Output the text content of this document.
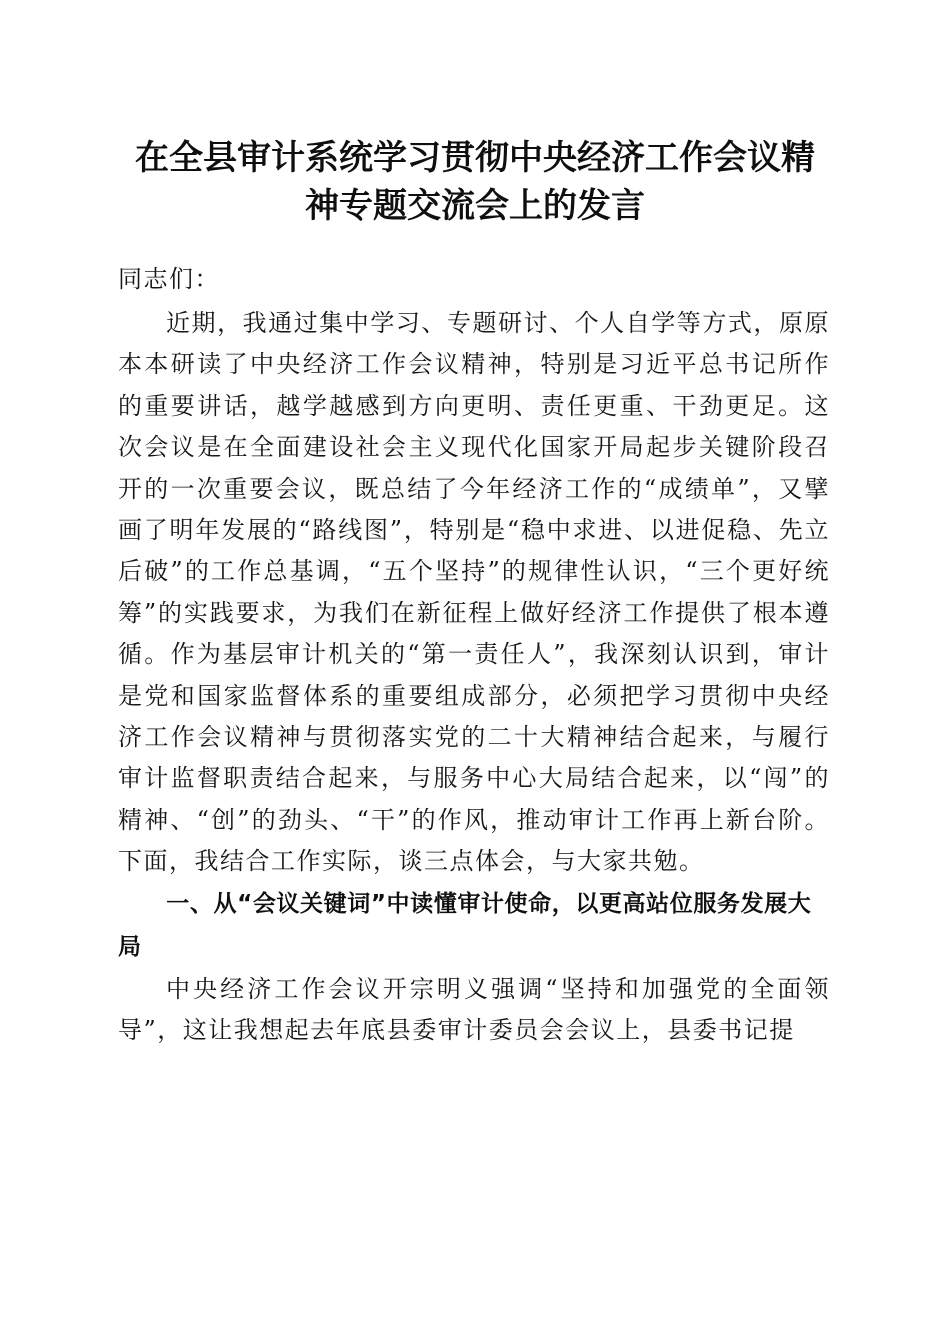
在全县审计系统学习贯彻中央经济工作会议精
神专题交流会上的发言

同志们：

近期，我通过集中学习、专题研讨、个人自学等方式，原原本本研读了中央经济工作会议精神，特别是习近平总书记所作的重要讲话，越学越感到方向更明、责任更重、干劲更足。这次会议是在全面建设社会主义现代化国家开局起步关键阶段召开的一次重要会议，既总结了今年经济工作的“成绩单”，又擘画了明年发展的“路线图”，特别是“稳中求进、以进促稳、先立后破”的工作总基调，“五个坚持”的规律性认识，“三个更好统筹”的实践要求，为我们在新征程上做好经济工作提供了根本遵循。作为基层审计机关的“第一责任人”，我深刻认识到，审计是党和国家监督体系的重要组成部分，必须把学习贯彻中央经济工作会议精神与贯彻落实党的二十大精神结合起来，与履行审计监督职责结合起来，与服务中心大局结合起来，以“闯”的精神、“创”的劲头、“干”的作风，推动审计工作再上新台阶。下面，我结合工作实际，谈三点体会，与大家共勉。

一、从“会议关键词”中读懂审计使命，以更高站位服务发展大局

中央经济工作会议开宗明义强调“坚持和加强党的全面领导”，这让我想起去年底县委审计委员会会议上，县委书记提
